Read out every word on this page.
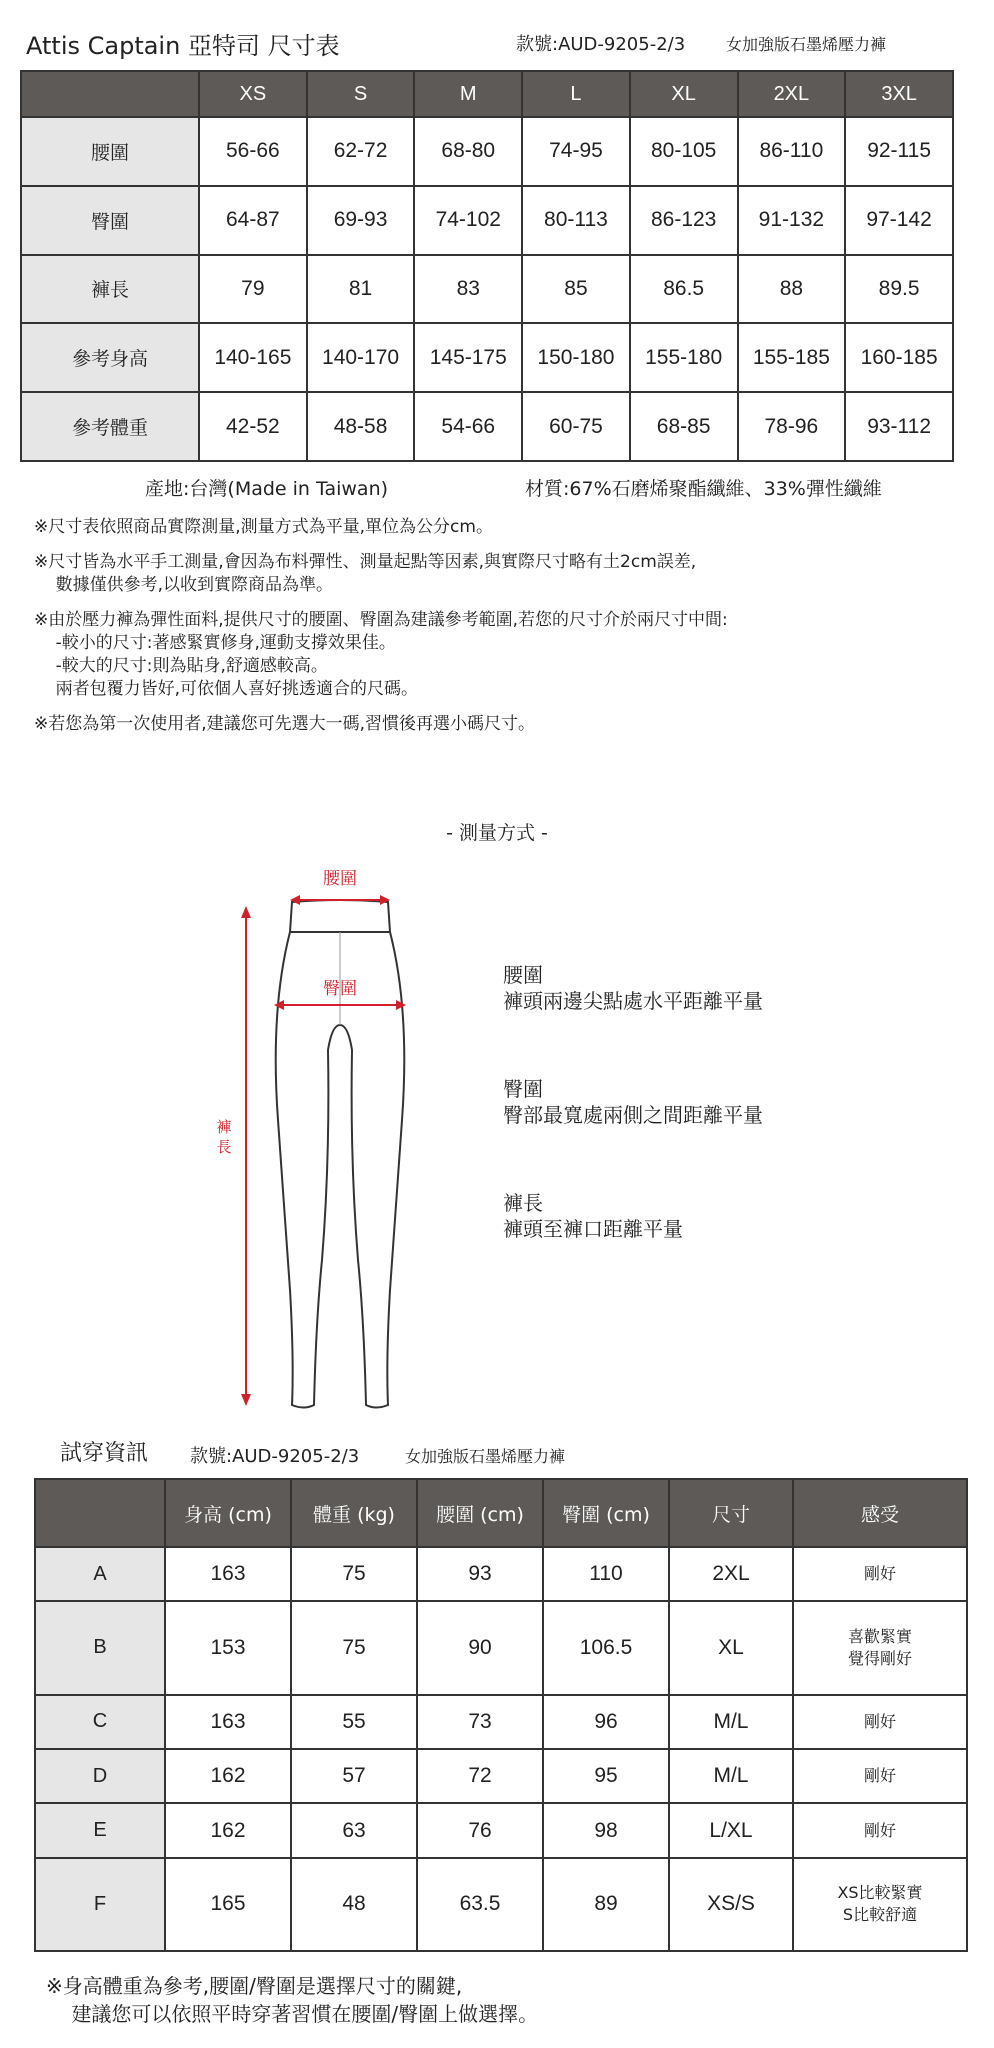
Attis Captain 亞特司 尺寸表	款號:AUD-9205-2/3	女加強版石墨烯壓力褲
	XS	S	M	L	XL	2XL	3XL
腰圍	56-66	62-72	68-80	74-95	80-105	86-110	92-115
臀圍	64-87	69-93	74-102	80-113	86-123	91-132	97-142
褲長	79	81	83	85	86.5	88	89.5
參考身高	140-165	140-170	145-175	150-180	155-180	155-185	160-185
參考體重	42-52	48-58	54-66	60-75	68-85	78-96	93-112
產地:台灣(Made in Taiwan)	材質:67%石磨烯聚酯纖維、33%彈性纖維

※尺寸表依照商品實際測量,測量方式為平量,單位為公分cm。

※尺寸皆為水平手工測量,會因為布料彈性、測量起點等因素,與實際尺寸略有土2cm誤差,
數據僅供參考,以收到實際商品為準。

※由於壓力褲為彈性面料,提供尺寸的腰圍、臀圍為建議參考範圍,若您的尺寸介於兩尺寸中間:
-較小的尺寸:著感緊實修身,運動支撐效果佳。
-較大的尺寸:則為貼身,舒適感較高。
兩者包覆力皆好,可依個人喜好挑透適合的尺碼。

※若您為第一次使用者,建議您可先選大一碼,習慣後再選小碼尺寸。

- 測量方式 -
腰圍
臀圍
褲
長
腰圍
褲頭兩邊尖點處水平距離平量
臀圍
臀部最寬處兩側之間距離平量
褲長
褲頭至褲口距離平量
試穿資訊 款號:AUD-9205-2/3	女加強版石墨烯壓力褲
	身高 (cm)	體重 (kg)	腰圍 (cm)	臀圍 (cm)	尺寸	感受
A	163	75	93	110	2XL	剛好
B	153	75	90	106.5	XL	喜歡緊實
覺得剛好
C	163	55	73	96	M/L	剛好
D	162	57	72	95	M/L	剛好
E	162	63	76	98	L/XL	剛好
F	165	48	63.5	89	XS/S	XS比較緊實
S比較舒適
※身高體重為參考,腰圍/臀圍是選擇尺寸的關鍵,
建議您可以依照平時穿著習慣在腰圍/臀圍上做選擇。
